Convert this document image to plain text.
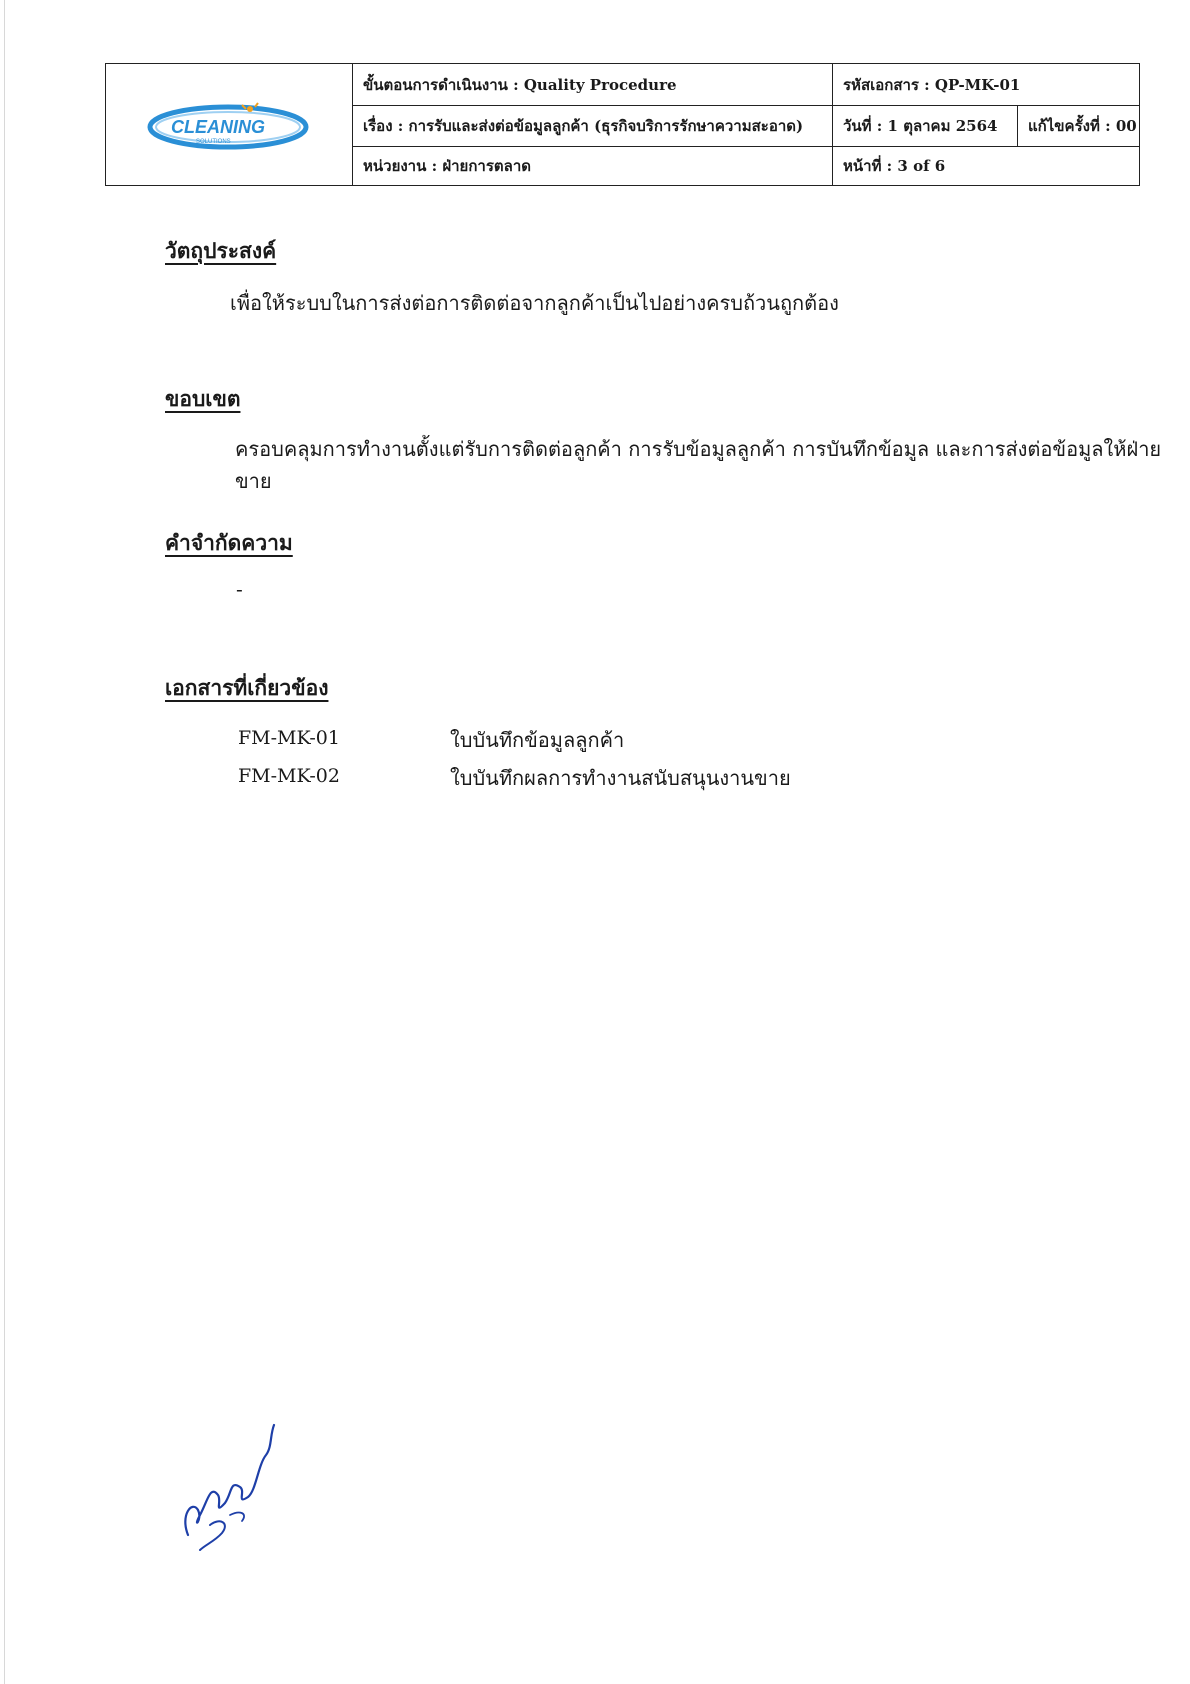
CLEANING
SOLUTIONS
ขั้นตอนการดำเนินงาน : Quality Procedure	รหัสเอกสาร : QP-MK-01
เรื่อง : การรับและส่งต่อข้อมูลลูกค้า (ธุรกิจบริการรักษาความสะอาด)	วันที่ : 1 ตุลาคม 2564	แก้ไขครั้งที่ : 00
หน่วยงาน : ฝ่ายการตลาด	หน้าที่ : 3 of 6
วัตถุประสงค์
เพื่อให้ระบบในการส่งต่อการติดต่อจากลูกค้าเป็นไปอย่างครบถ้วนถูกต้อง
ขอบเขต
ครอบคลุมการทำงานตั้งแต่รับการติดต่อลูกค้า การรับข้อมูลลูกค้า การบันทึกข้อมูล และการส่งต่อข้อมูลให้ฝ่ายขาย
คำจำกัดความ
-
เอกสารที่เกี่ยวข้อง
FM-MK-01	ใบบันทึกข้อมูลลูกค้า
FM-MK-02	ใบบันทึกผลการทำงานสนับสนุนงานขาย
